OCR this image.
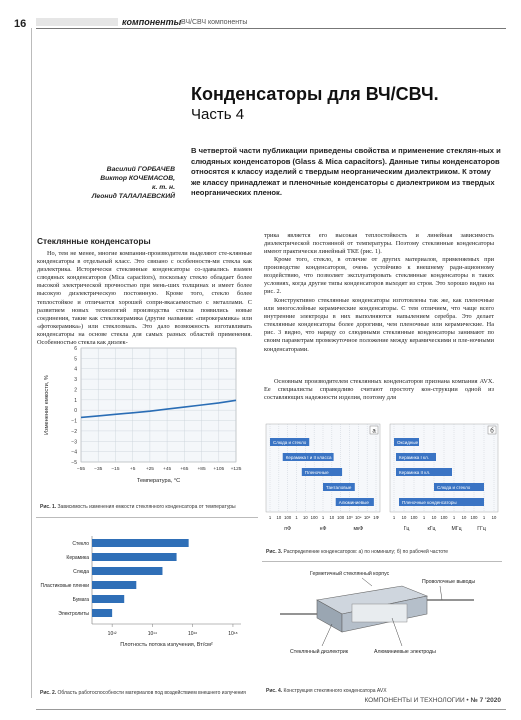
16	компоненты ВЧ/СВЧ компоненты
Конденсаторы для ВЧ/СВЧ.
Часть 4
В четвертой части публикации приведены свойства и применение стеклян-ных и слюдяных конденсаторов (Glass & Mica capacitors). Данные типы конденсаторов относятся к классу изделий с твердым неорганическим диэлектриком. К этому же классу принадлежат и пленочные конденсаторы с диэлектриком из твердых неорганических пленок.
Василий ГОРБАЧЕВ
Виктор КОЧЕМАСОВ,
к. т. н.
Леонид ТАЛАЛАЕВСКИЙ
Стеклянные конденсаторы
Но, тем не менее, многие компании-производители выделяют сте-клянные конденсаторы в отдельный класс. Это связано с особенностя-ми стекла как диэлектрика. Исторически стеклянные конденсаторы со-здавались взамен слюдяных конденсаторов (Mica capacitors), поскольку стекло обладает более высокой электрической прочностью при мень-ших толщинах и имеет более высокую диэлектрическую постоянную. Кроме того, стекло более теплостойкое и отличается хорошей сопри-вкасаемостью с металлами. С развитием новых технологий производства стекла появились новые соединения, такие как стеклокерамика (другие названия: «пирокерамика» или «фотокерамика») или стеклозмаль. Это дало возможность изготавливать конденсаторы на основе стекла для самых разных областей применения. Особенностью стекла как диэлек-
трика является его высокая теплостойкость и линейная зависимость диэлектрической постоянной от температуры. Поэтому стеклянные конденсаторы имеют практически линейный ТКЕ (рис. 1).
Кроме того, стекло, в отличие от других материалов, применяемых при производстве конденсаторов, очень устойчиво к внешнему ради-ационному воздействию, что позволяет эксплуатировать стеклянные конденсаторы в таких условиях, когда другие типы конденсаторов выходят из строя. Это хорошо видно на рис. 2.
Конструктивно стеклянные конденсаторы изготовлены так же, как пленочные или многослойные керамические конденсаторы. С тем отличием, что чаще всего внутренние электроды в них выполняются напылением серебра. Это делает стеклянные конденсаторы более дорогими, чем пленочные или керамические. На рис. 3 видно, что наряду со слюдяными стеклянные конденсаторы занимают по своим параметрам промежуточное положение между керамическими и пле-ночными конденсаторами.
Основным производителем стеклянных конденсаторов признана компания AVX. Ее специалисты справедливо считают простоту кон-струкции одной из составляющих надежности изделия, поэтому для
6
5
4
3
2
1
0
−1
−2
−3
−4
−5
−55 −35 −15 +5 +25 +45 +65 +85 +105 +125
Температура, °С
Изменение емкости, %
Рис. 1. Зависимость изменения емкости стеклянного конденсатора от температуры
Стекло
Керамика
Слюда
Пластиковые пленки
Бумага
Электролиты
10¹²	10¹⁴	10¹⁶	10¹⁸
Плотность потока излучения, Вт/см²
Рис. 2. Область работоспособности материалов под воздействием внешнего излучения
а
1 10 100 1 10 100 1 10 100 10³ 10⁴ 10⁵ 1Ф
Слюда и стекло
Керамика I и II класса
Пленочные
Танталовые
Алюминиевые
пФ	нФ	мкФ
б
1 10 100 1 10 100 1 10 100 1 10
Оксидные
Керамика I кл.
Керамика II кл.
Слюда и стекло
Пленочные конденсаторы
Гц	кГц	МГц	ГГц
Рис. 3. Распределение конденсаторов: а) по номиналу; б) по рабочей частоте
Герметичный стеклянный корпус
Проволочные выводы
Стеклянный диэлектрик	Алюминиевые электроды
Рис. 4. Конструкция стеклянного конденсатора AVX
КОМПОНЕНТЫ И ТЕХНОЛОГИИ • № 7 '2020
